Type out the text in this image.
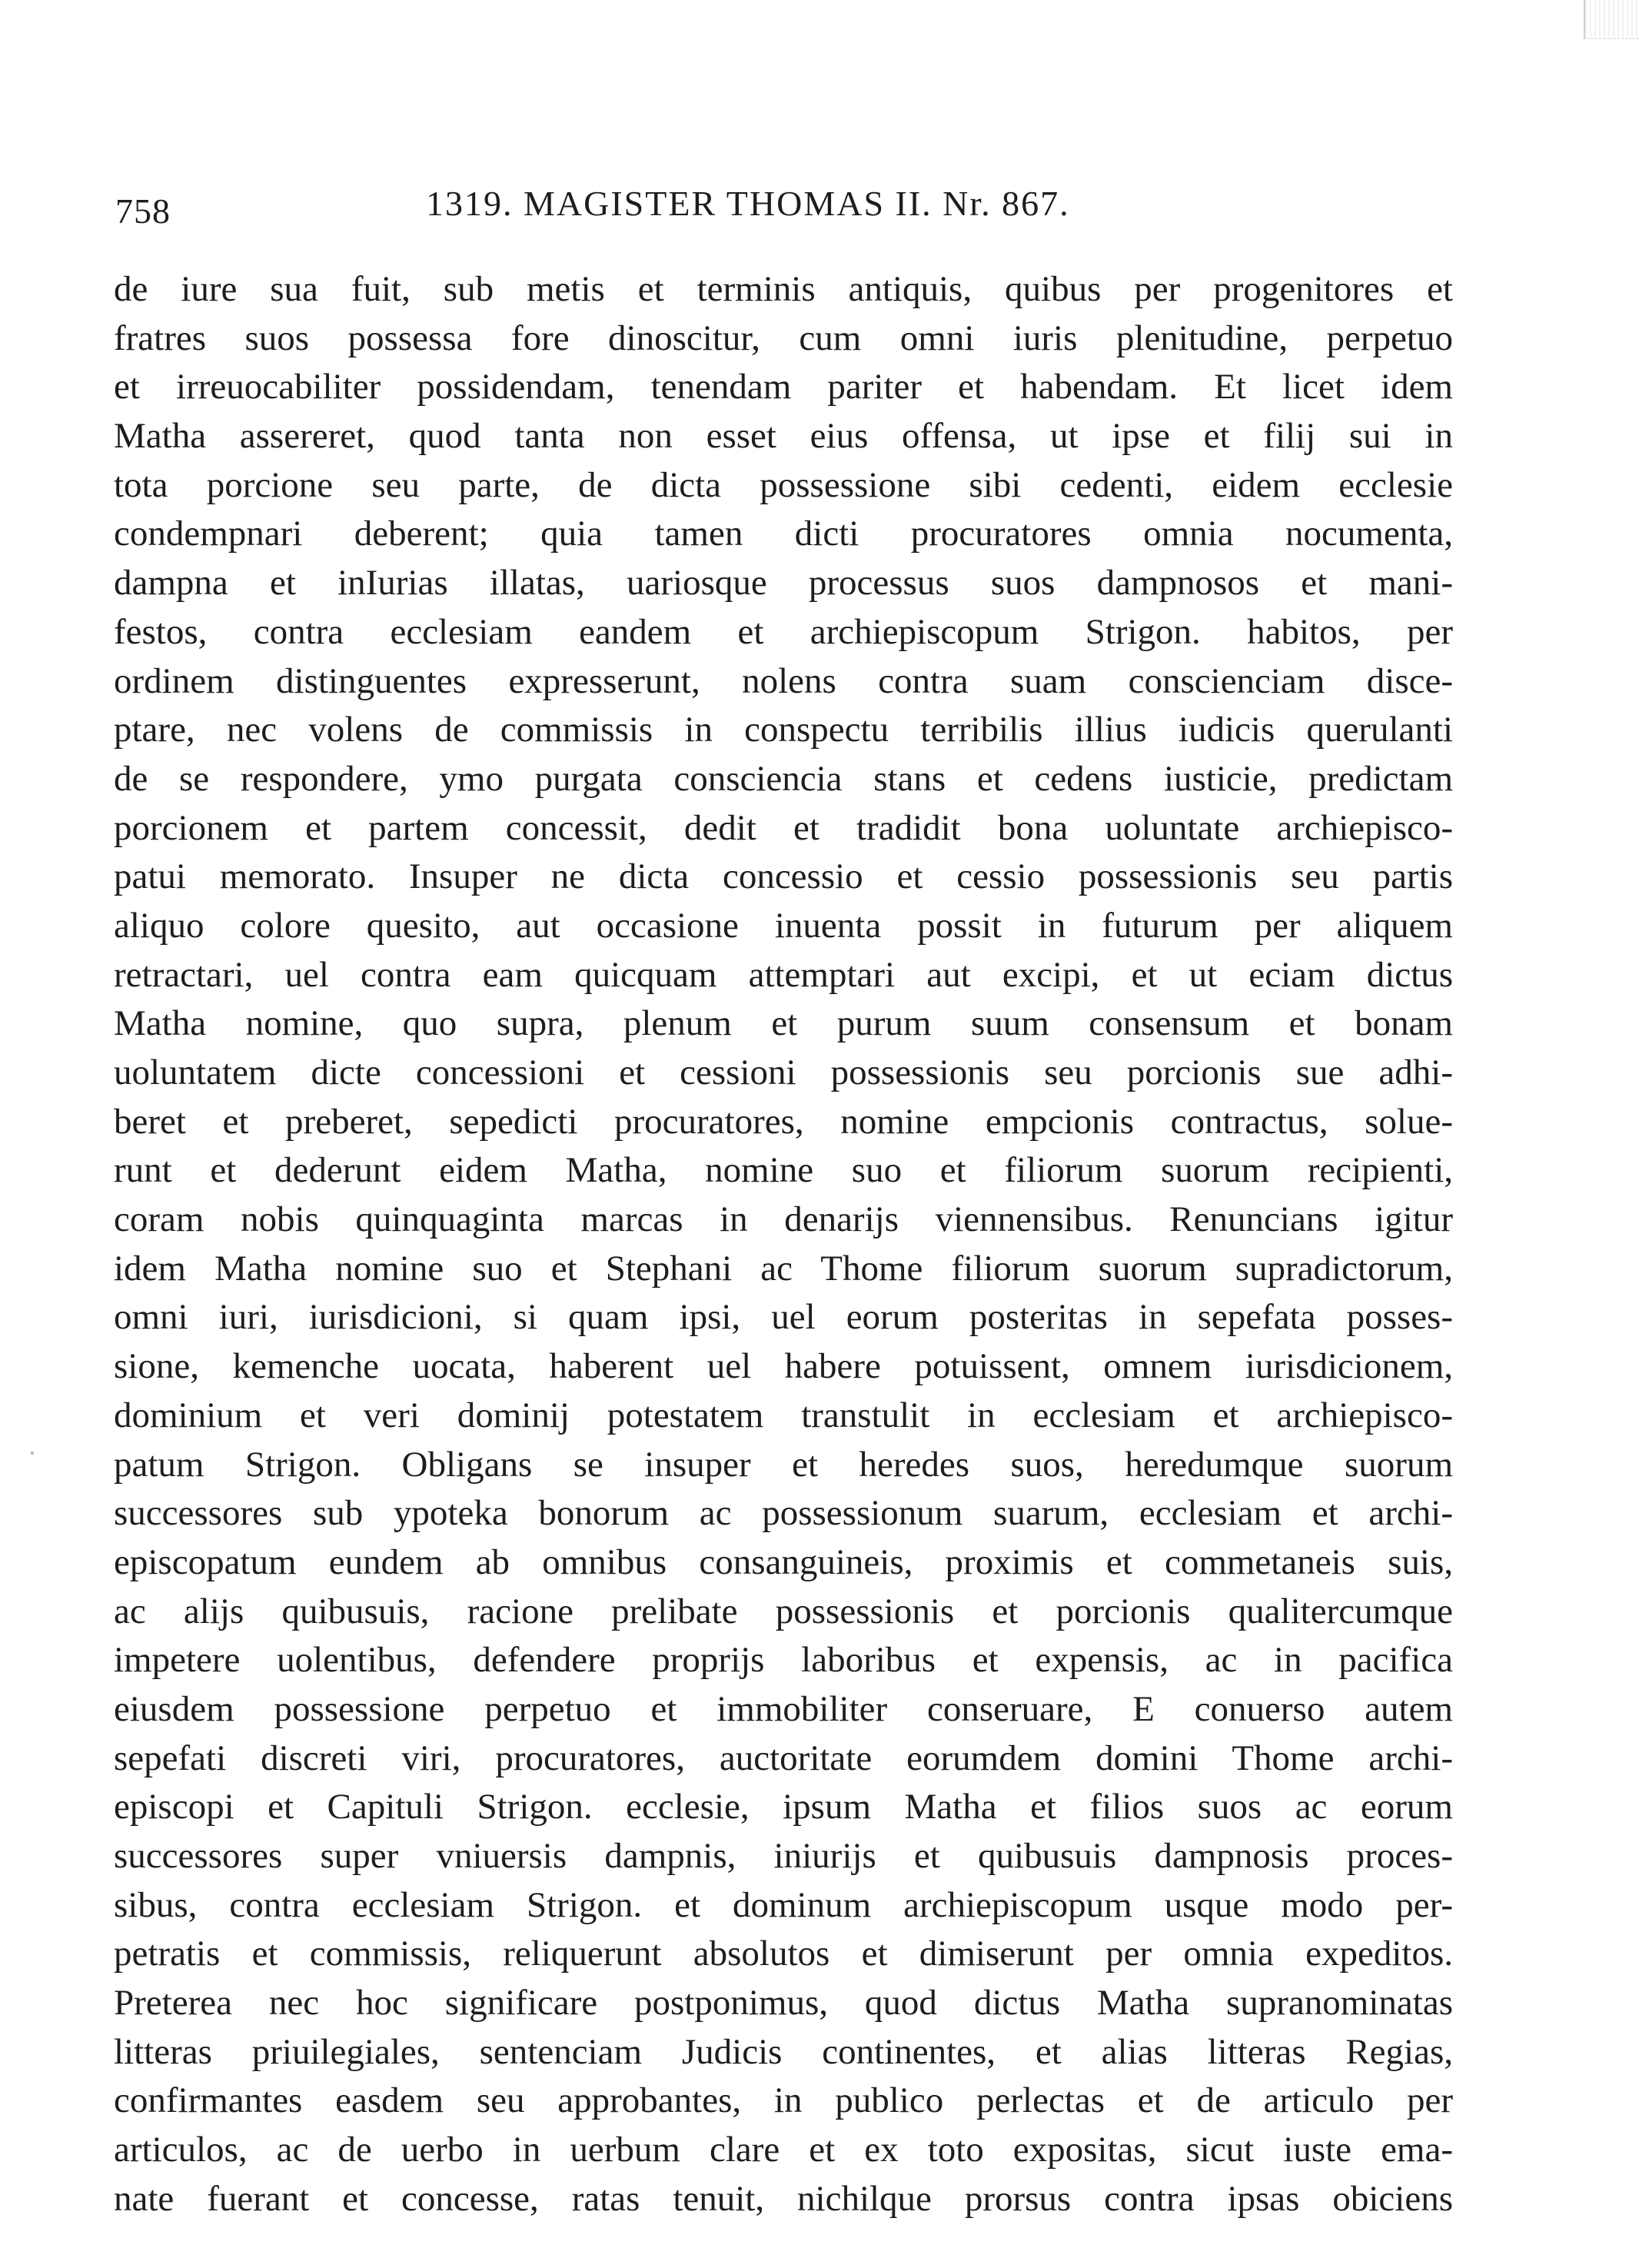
758	1319. MAGISTER THOMAS II. Nr. 867.
de iure sua fuit, sub metis et terminis antiquis, quibus per progenitores et
fratres suos possessa fore dinoscitur, cum omni iuris plenitudine, perpetuo
et irreuocabiliter possidendam, tenendam pariter et habendam. Et licet idem
Matha assereret, quod tanta non esset eius offensa, ut ipse et filij sui in
tota porcione seu parte, de dicta possessione sibi cedenti, eidem ecclesie
condempnari deberent; quia tamen dicti procuratores omnia nocumenta,
dampna et inIurias illatas, uariosque processus suos dampnosos et mani-
festos, contra ecclesiam eandem et archiepiscopum Strigon. habitos, per
ordinem distinguentes expresserunt, nolens contra suam conscienciam disce-
ptare, nec volens de commissis in conspectu terribilis illius iudicis querulanti
de se respondere, ymo purgata consciencia stans et cedens iusticie, predictam
porcionem et partem concessit, dedit et tradidit bona uoluntate archiepisco-
patui memorato. Insuper ne dicta concessio et cessio possessionis seu partis
aliquo colore quesito, aut occasione inuenta possit in futurum per aliquem
retractari, uel contra eam quicquam attemptari aut excipi, et ut eciam dictus
Matha nomine, quo supra, plenum et purum suum consensum et bonam
uoluntatem dicte concessioni et cessioni possessionis seu porcionis sue adhi-
beret et preberet, sepedicti procuratores, nomine empcionis contractus, solue-
runt et dederunt eidem Matha, nomine suo et filiorum suorum recipienti,
coram nobis quinquaginta marcas in denarijs viennensibus. Renuncians igitur
idem Matha nomine suo et Stephani ac Thome filiorum suorum supradictorum,
omni iuri, iurisdicioni, si quam ipsi, uel eorum posteritas in sepefata posses-
sione, kemenche uocata, haberent uel habere potuissent, omnem iurisdicionem,
dominium et veri dominij potestatem transtulit in ecclesiam et archiepisco-
patum Strigon. Obligans se insuper et heredes suos, heredumque suorum
successores sub ypoteka bonorum ac possessionum suarum, ecclesiam et archi-
episcopatum eundem ab omnibus consanguineis, proximis et commetaneis suis,
ac alijs quibusuis, racione prelibate possessionis et porcionis qualitercumque
impetere uolentibus, defendere proprijs laboribus et expensis, ac in pacifica
eiusdem possessione perpetuo et immobiliter conseruare, E conuerso autem
sepefati discreti viri, procuratores, auctoritate eorumdem domini Thome archi-
episcopi et Capituli Strigon. ecclesie, ipsum Matha et filios suos ac eorum
successores super vniuersis dampnis, iniurijs et quibusuis dampnosis proces-
sibus, contra ecclesiam Strigon. et dominum archiepiscopum usque modo per-
petratis et commissis, reliquerunt absolutos et dimiserunt per omnia expeditos.
Preterea nec hoc significare postponimus, quod dictus Matha supranominatas
litteras priuilegiales, sentenciam Judicis continentes, et alias litteras Regias,
confirmantes easdem seu approbantes, in publico perlectas et de articulo per
articulos, ac de uerbo in uerbum clare et ex toto expositas, sicut iuste ema-
nate fuerant et concesse, ratas tenuit, nichilque prorsus contra ipsas obiciens
